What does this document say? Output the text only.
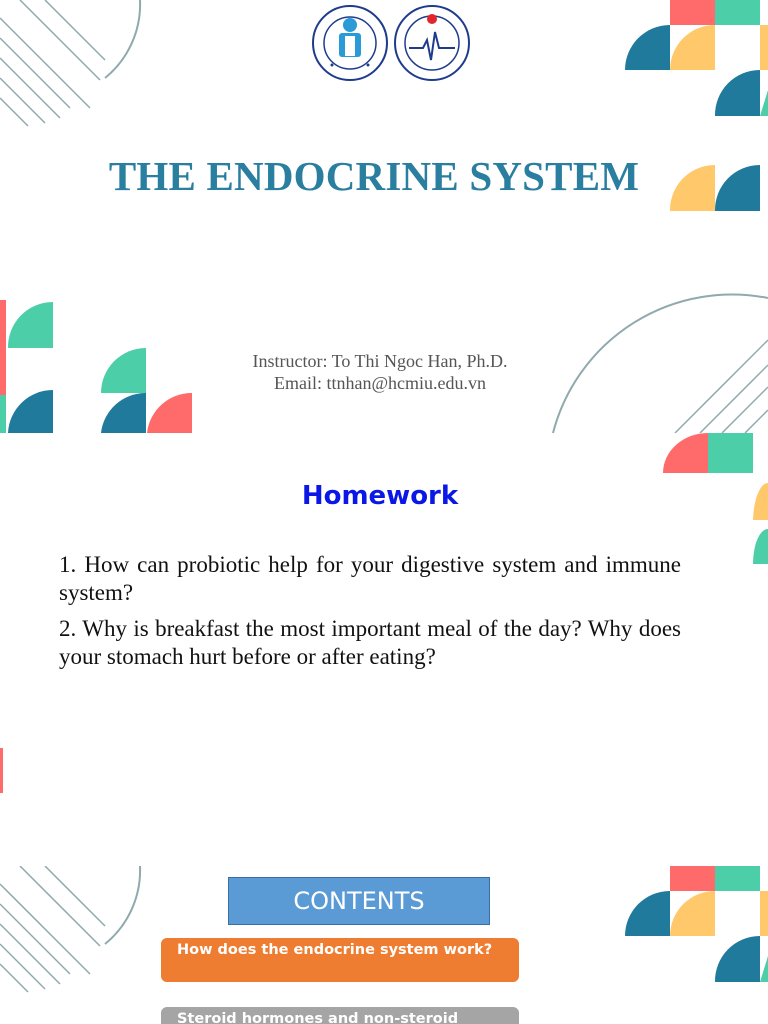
THE ENDOCRINE SYSTEM
Instructor: To Thi Ngoc Han, Ph.D.
Email: ttnhan@hcmiu.edu.vn
Homework
1. How can probiotic help for your digestive system and immune system?
2. Why is breakfast the most important meal of the day? Why does your stomach hurt before or after eating?
CONTENTS
How does the endocrine system work?
Steroid hormones and non-steroid
